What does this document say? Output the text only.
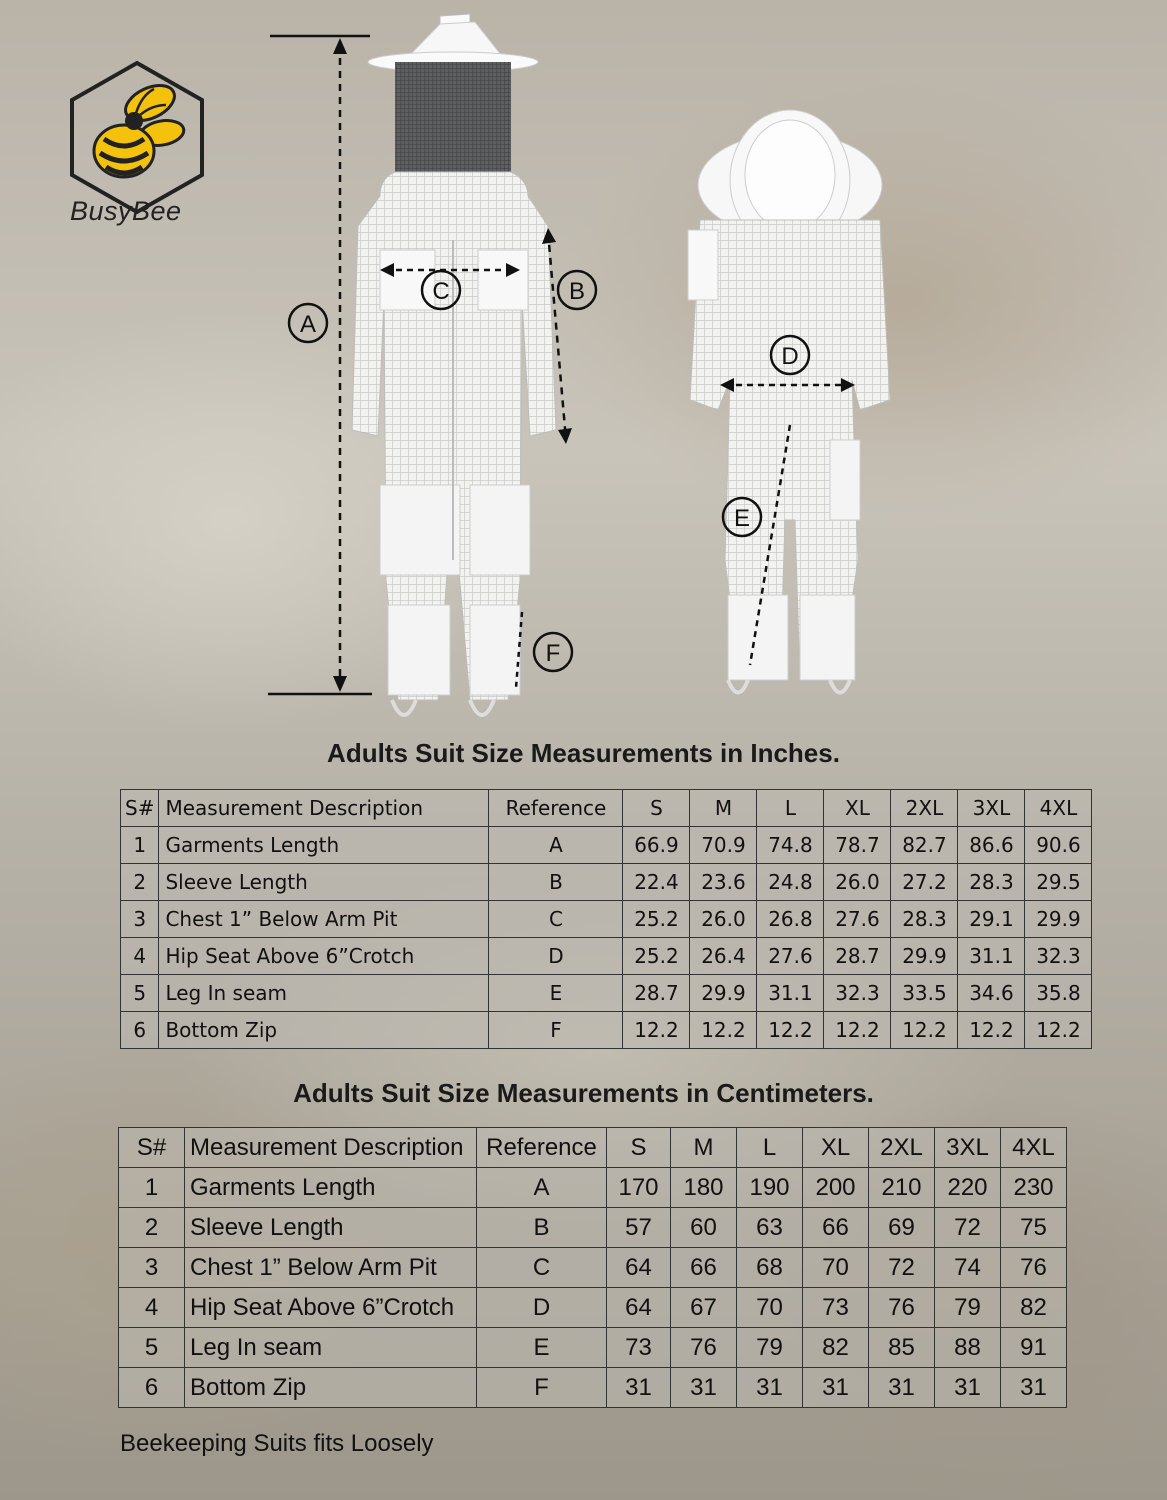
BusyBee
A
B
C
D
E
F
Adults Suit Size Measurements in Inches.
S#	Measurement Description	Reference	S	M	L	XL	2XL	3XL	4XL
1	Garments Length	A	66.9	70.9	74.8	78.7	82.7	86.6	90.6
2	Sleeve Length	B	22.4	23.6	24.8	26.0	27.2	28.3	29.5
3	Chest 1” Below Arm Pit	C	25.2	26.0	26.8	27.6	28.3	29.1	29.9
4	Hip Seat Above 6”Crotch	D	25.2	26.4	27.6	28.7	29.9	31.1	32.3
5	Leg In seam	E	28.7	29.9	31.1	32.3	33.5	34.6	35.8
6	Bottom Zip	F	12.2	12.2	12.2	12.2	12.2	12.2	12.2
Adults Suit Size Measurements in Centimeters.
S#	Measurement Description	Reference	S	M	L	XL	2XL	3XL	4XL
1	Garments Length	A	170	180	190	200	210	220	230
2	Sleeve Length	B	57	60	63	66	69	72	75
3	Chest 1” Below Arm Pit	C	64	66	68	70	72	74	76
4	Hip Seat Above 6”Crotch	D	64	67	70	73	76	79	82
5	Leg In seam	E	73	76	79	82	85	88	91
6	Bottom Zip	F	31	31	31	31	31	31	31
Beekeeping Suits fits Loosely
